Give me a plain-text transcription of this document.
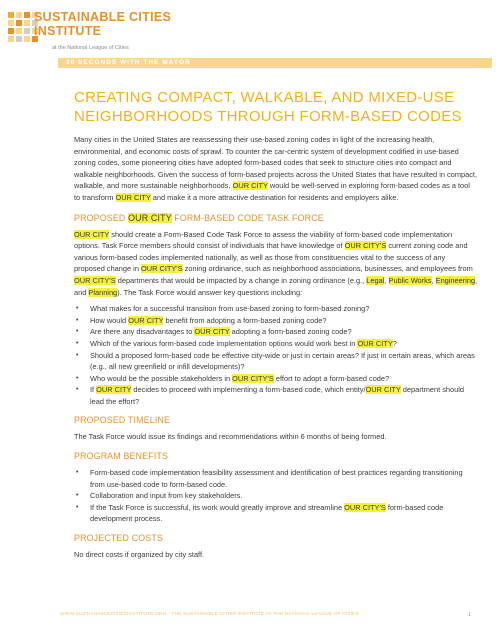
SUSTAINABLE CITIES
INSTITUTE
at the National League of Cities
30 SECONDS WITH THE MAYOR
CREATING COMPACT, WALKABLE, AND MIXED-USE NEIGHBORHOODS THROUGH FORM-BASED CODES

Many cities in the United States are reassessing their use-based zoning codes in light of the increasing health, environmental, and economic costs of sprawl. To counter the car-centric system of development codified in use-based zoning codes, some pioneering cities have adopted form-based codes that seek to structure cities into compact and walkable neighborhoods. Given the success of form-based projects across the United States that have resulted in compact, walkable, and more sustainable neighborhoods, OUR CITY would be well-served in exploring form-based codes as a tool to transform OUR CITY and make it a more attractive destination for residents and employers alike.

PROPOSED OUR CITY FORM-BASED CODE TASK FORCE

OUR CITY should create a Form-Based Code Task Force to assess the viability of form-based code implementation options. Task Force members should consist of individuals that have knowledge of OUR CITY'S current zoning code and various form-based codes implemented nationally, as well as those from constituencies vital to the success of any proposed change in OUR CITY'S zoning ordinance, such as neighborhood associations, businesses, and employees from OUR CITY'S departments that would be impacted by a change in zoning ordinance (e.g., Legal, Public Works, Engineering, and Planning). The Task Force would answer key questions including:

• What makes for a successful transition from use-based zoning to form-based zoning?
• How would OUR CITY benefit from adopting a form-based zoning code?
• Are there any disadvantages to OUR CITY adopting a form-based zoning code?
• Which of the various form-based code implementation options would work best in OUR CITY?
• Should a proposed form-based code be effective city-wide or just in certain areas? If just in certain areas, which areas (e.g., all new greenfield or infill developments)?
• Who would be the possible stakeholders in OUR CITY'S effort to adopt a form-based code?
• If OUR CITY decides to proceed with implementing a form-based code, which entity/OUR CITY department should lead the effort?
PROPOSED TIMELINE

The Task Force would issue its findings and recommendations within 6 months of being formed.

PROGRAM BENEFITS
• Form-based code implementation feasibility assessment and identification of best practices regarding transitioning from use-based code to form-based code.
• Collaboration and input from key stakeholders.
• If the Task Force is successful, its work would greatly improve and streamline OUR CITY'S form-based code development process.
PROJECTED COSTS

No direct costs if organized by city staff.

WWW.SUSTAINABLECITIESINSTITUTE.ORG · THE SUSTAINABLE CITIES INSTITUTE AT THE NATIONAL LEAGUE OF CITIES	1
